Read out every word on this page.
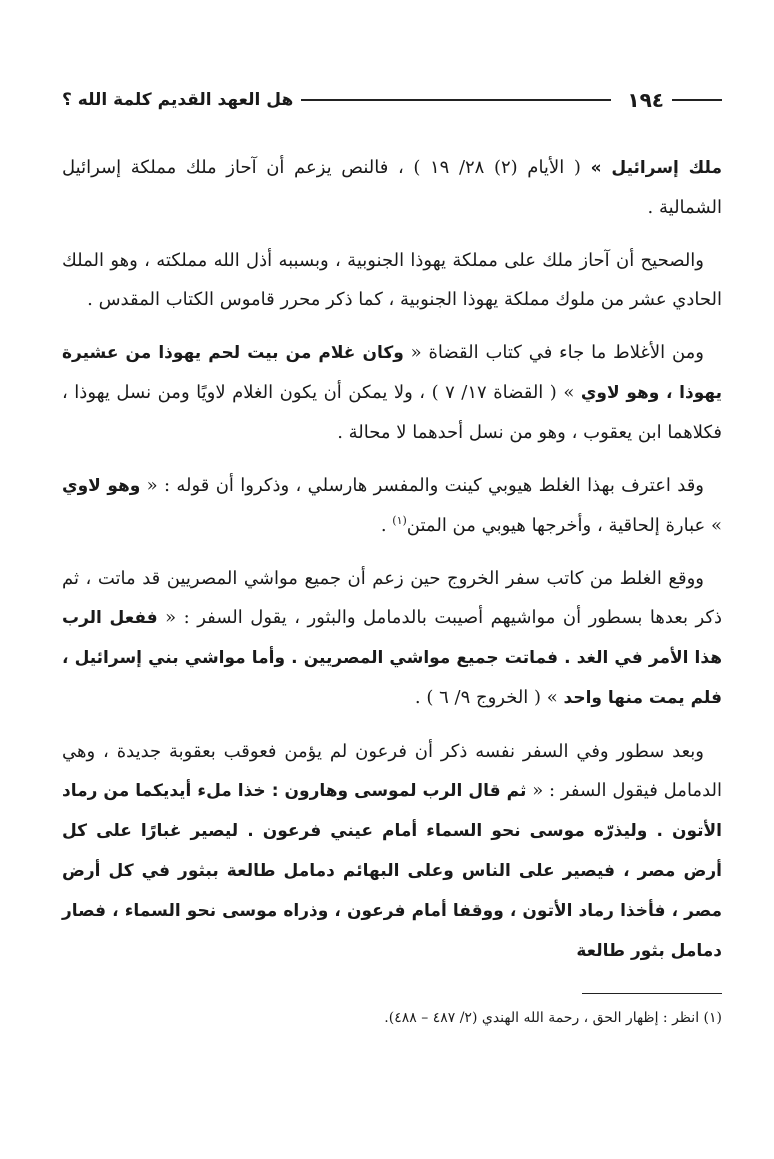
١٩٤
هل العهد القديم كلمة الله ؟

ملك إسرائيل » ( الأيام (٢) ٢٨/ ١٩ ) ، فالنص يزعم أن آحاز ملك مملكة إسرائيل الشمالية .

والصحيح أن آحاز ملك على مملكة يهوذا الجنوبية ، وبسببه أذل الله مملكته ، وهو الملك الحادي عشر من ملوك مملكة يهوذا الجنوبية ، كما ذكر محرر قاموس الكتاب المقدس .

ومن الأغلاط ما جاء في كتاب القضاة « وكان غلام من بيت لحم يهوذا من عشيرة يهوذا ، وهو لاوي » ( القضاة ١٧/ ٧ ) ، ولا يمكن أن يكون الغلام لاويًا ومن نسل يهوذا ، فكلاهما ابن يعقوب ، وهو من نسل أحدهما لا محالة .

وقد اعترف بهذا الغلط هيوبي كينت والمفسر هارسلي ، وذكروا أن قوله : « وهو لاوي » عبارة إلحاقية ، وأخرجها هيوبي من المتن$^{(١)}$ .

ووقع الغلط من كاتب سفر الخروج حين زعم أن جميع مواشي المصريين قد ماتت ، ثم ذكر بعدها بسطور أن مواشيهم أصيبت بالدمامل والبثور ، يقول السفر : « ففعل الرب هذا الأمر في الغد . فماتت جميع مواشي المصريين . وأما مواشي بني إسرائيل ، فلم يمت منها واحد » ( الخروج ٩/ ٦ ) .

وبعد سطور وفي السفر نفسه ذكر أن فرعون لم يؤمن فعوقب بعقوبة جديدة ، وهي الدمامل فيقول السفر : « ثم قال الرب لموسى وهارون : خذا ملء أيديكما من رماد الأتون . وليذرّه موسى نحو السماء أمام عيني فرعون . ليصير غبارًا على كل أرض مصر ، فيصير على الناس وعلى البهائم دمامل طالعة ببثور في كل أرض مصر ، فأخذا رماد الأتون ، ووقفا أمام فرعون ، وذراه موسى نحو السماء ، فصار دمامل بثور طالعة

(١) انظر : إظهار الحق ، رحمة الله الهندي (٢/ ٤٨٧ – ٤٨٨).
